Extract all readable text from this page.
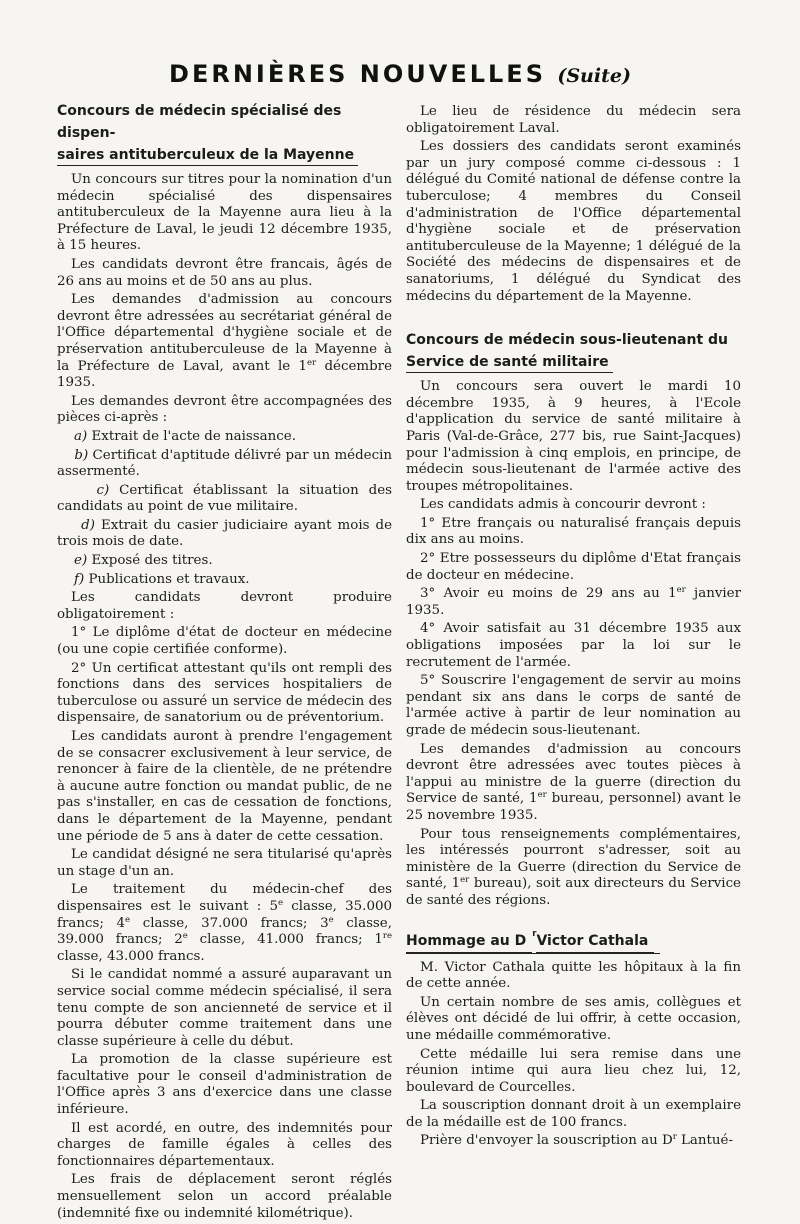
DERNIÈRES NOUVELLES (Suite)
Concours de médecin spécialisé des dispen-
saires antituberculeux de la Mayenne

Un concours sur titres pour la nomination d'un médecin spécialisé des dispensaires antituberculeux de la Mayenne aura lieu à la Préfecture de Laval, le jeudi 12 décembre 1935, à 15 heures.

Les candidats devront être francais, âgés de 26 ans au moins et de 50 ans au plus.

Les demandes d'admission au concours devront être adressées au secrétariat général de l'Office départemental d'hygiène sociale et de préservation antituberculeuse de la Mayenne à la Préfecture de Laval, avant le 1er décembre 1935.

Les demandes devront être accompagnées des pièces ci-après :

a) Extrait de l'acte de naissance.

b) Certificat d'aptitude délivré par un médecin assermenté.

c) Certificat établissant la situation des candidats au point de vue militaire.

d) Extrait du casier judiciaire ayant mois de trois mois de date.

e) Exposé des titres.

f) Publications et travaux.

Les candidats devront produire obligatoirement :

1° Le diplôme d'état de docteur en médecine (ou une copie certifiée conforme).

2° Un certificat attestant qu'ils ont rempli des fonctions dans des services hospitaliers de tuberculose ou assuré un service de médecin des dispensaire, de sanatorium ou de préventorium.

Les candidats auront à prendre l'engagement de se consacrer exclusivement à leur service, de renoncer à faire de la clientèle, de ne prétendre à aucune autre fonction ou mandat public, de ne pas s'installer, en cas de cessation de fonctions, dans le département de la Mayenne, pendant une période de 5 ans à dater de cette cessation.

Le candidat désigné ne sera titularisé qu'après un stage d'un an.

Le traitement du médecin-chef des dispensaires est le suivant : 5e classe, 35.000 francs; 4e classe, 37.000 francs; 3e classe, 39.000 francs; 2e classe, 41.000 francs; 1re classe, 43.000 francs.

Si le candidat nommé a assuré auparavant un service social comme médecin spécialisé, il sera tenu compte de son ancienneté de service et il pourra débuter comme traitement dans une classe supérieure à celle du début.

La promotion de la classe supérieure est facultative pour le conseil d'administration de l'Office après 3 ans d'exercice dans une classe inférieure.

Il est acordé, en outre, des indemnités pour charges de famille égales à celles des fonctionnaires départementaux.

Les frais de déplacement seront réglés mensuellement selon un accord préalable (indemnité fixe ou indemnité kilométrique).

Le lieu de résidence du médecin sera obligatoirement Laval.

Les dossiers des candidats seront examinés par un jury composé comme ci-dessous : 1 délégué du Comité national de défense contre la tuberculose; 4 membres du Conseil d'administration de l'Office départemental d'hygiène sociale et de préservation antituberculeuse de la Mayenne; 1 délégué de la Société des médecins de dispensaires et de sanatoriums, 1 délégué du Syndicat des médecins du département de la Mayenne.

Concours de médecin sous-lieutenant du
Service de santé militaire

Un concours sera ouvert le mardi 10 décembre 1935, à 9 heures, à l'Ecole d'application du service de santé militaire à Paris (Val-de-Grâce, 277 bis, rue Saint-Jacques) pour l'admission à cinq emplois, en principe, de médecin sous-lieutenant de l'armée active des troupes métropolitaines.

Les candidats admis à concourir devront :

1° Etre français ou naturalisé français depuis dix ans au moins.

2° Etre possesseurs du diplôme d'Etat français de docteur en médecine.

3° Avoir eu moins de 29 ans au 1er janvier 1935.

4° Avoir satisfait au 31 décembre 1935 aux obligations imposées par la loi sur le recrutement de l'armée.

5° Souscrire l'engagement de servir au moins pendant six ans dans le corps de santé de l'armée active à partir de leur nomination au grade de médecin sous-lieutenant.

Les demandes d'admission au concours devront être adressées avec toutes pièces à l'appui au ministre de la guerre (direction du Service de santé, 1er bureau, personnel) avant le 25 novembre 1935.

Pour tous renseignements complémentaires, les intéressés pourront s'adresser, soit au ministère de la Guerre (direction du Service de santé, 1er bureau), soit aux directeurs du Service de santé des régions.

Hommage au D $^r$Victor Cathala

M. Victor Cathala quitte les hôpitaux à la fin de cette année.

Un certain nombre de ses amis, collègues et élèves ont décidé de lui offrir, à cette occasion, une médaille commémorative.

Cette médaille lui sera remise dans une réunion intime qui aura lieu chez lui, 12, boulevard de Courcelles.

La souscription donnant droit à un exemplaire de la médaille est de 100 francs.

Prière d'envoyer la souscription au $D^r$ Lantué-
